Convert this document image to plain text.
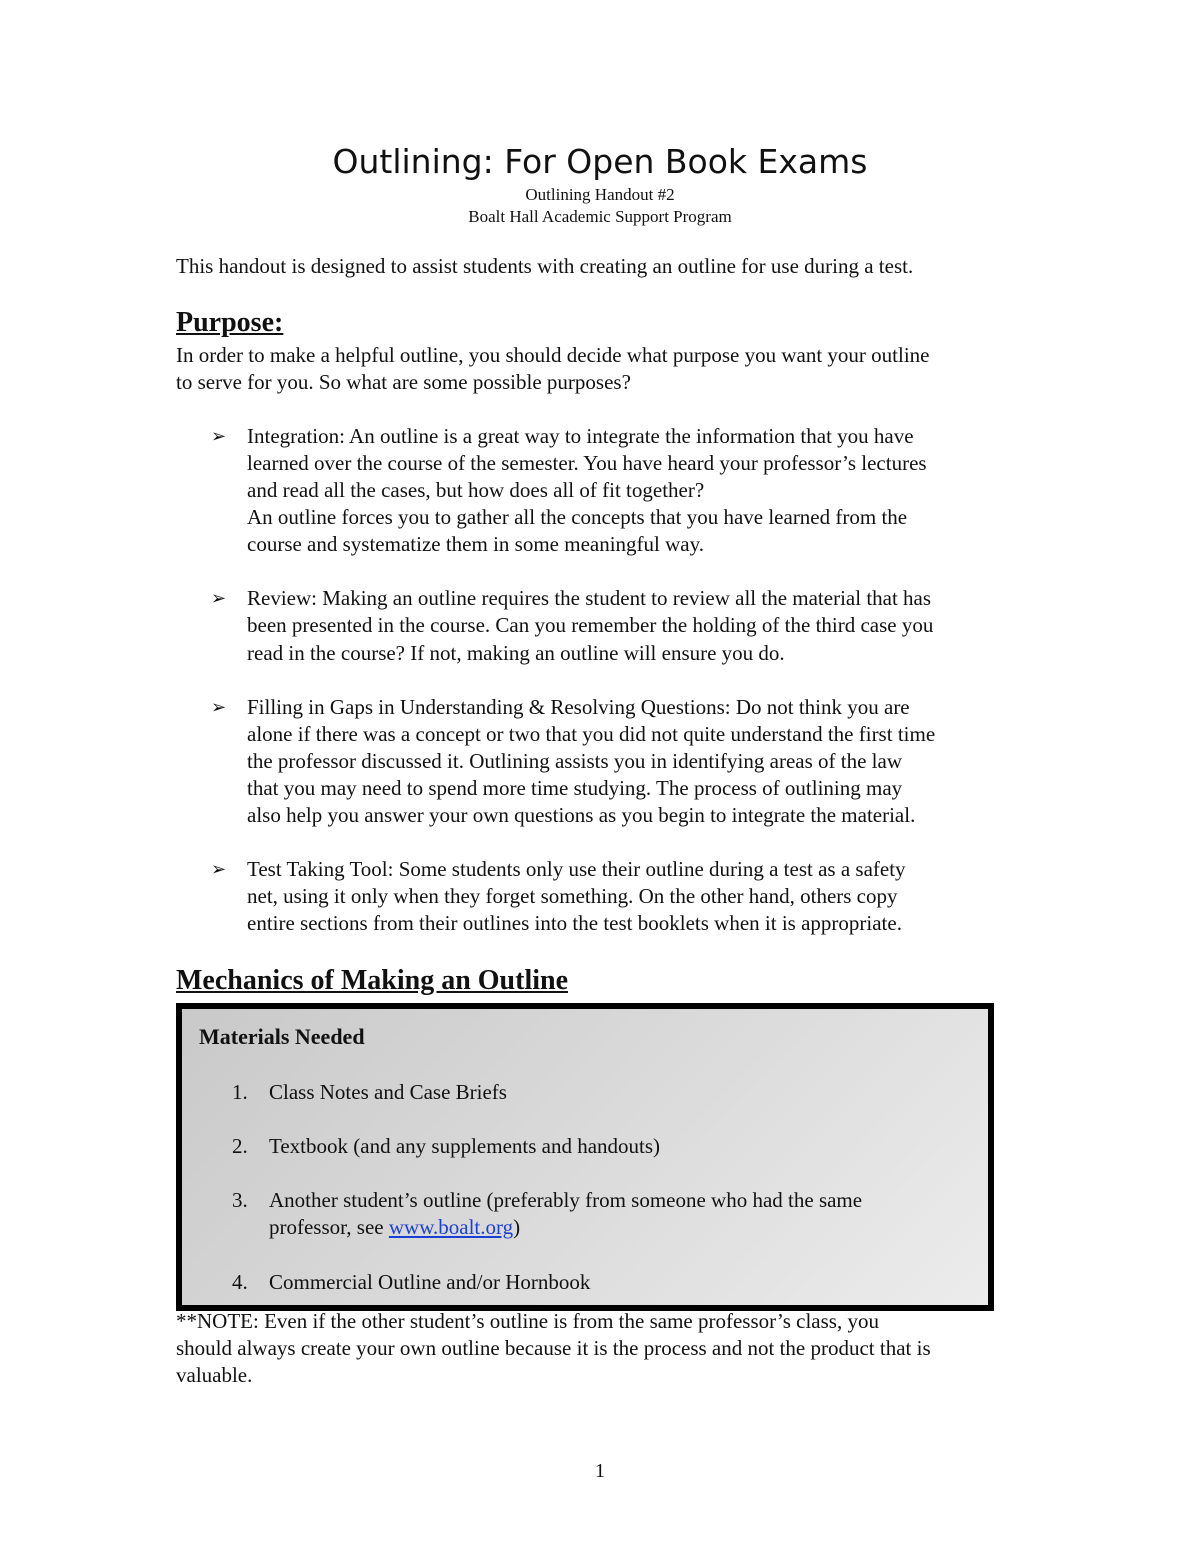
Outlining: For Open Book Exams
Outlining Handout #2
Boalt Hall Academic Support Program
This handout is designed to assist students with creating an outline for use during a test.
Purpose:
In order to make a helpful outline, you should decide what purpose you want your outline
to serve for you. So what are some possible purposes?
➢ Integration: An outline is a great way to integrate the information that you have
learned over the course of the semester. You have heard your professor’s lectures
and read all the cases, but how does all of fit together?
An outline forces you to gather all the concepts that you have learned from the
course and systematize them in some meaningful way.
➢ Review: Making an outline requires the student to review all the material that has
been presented in the course. Can you remember the holding of the third case you
read in the course? If not, making an outline will ensure you do.
➢ Filling in Gaps in Understanding & Resolving Questions: Do not think you are
alone if there was a concept or two that you did not quite understand the first time
the professor discussed it. Outlining assists you in identifying areas of the law
that you may need to spend more time studying. The process of outlining may
also help you answer your own questions as you begin to integrate the material.
➢ Test Taking Tool: Some students only use their outline during a test as a safety
net, using it only when they forget something. On the other hand, others copy
entire sections from their outlines into the test booklets when it is appropriate.
Mechanics of Making an Outline
Materials Needed
1.	Class Notes and Case Briefs
2.	Textbook (and any supplements and handouts)
3.	Another student’s outline (preferably from someone who had the same
professor, see www.boalt.org)
4.	Commercial Outline and/or Hornbook
**NOTE: Even if the other student’s outline is from the same professor’s class, you
should always create your own outline because it is the process and not the product that is
valuable.
1
